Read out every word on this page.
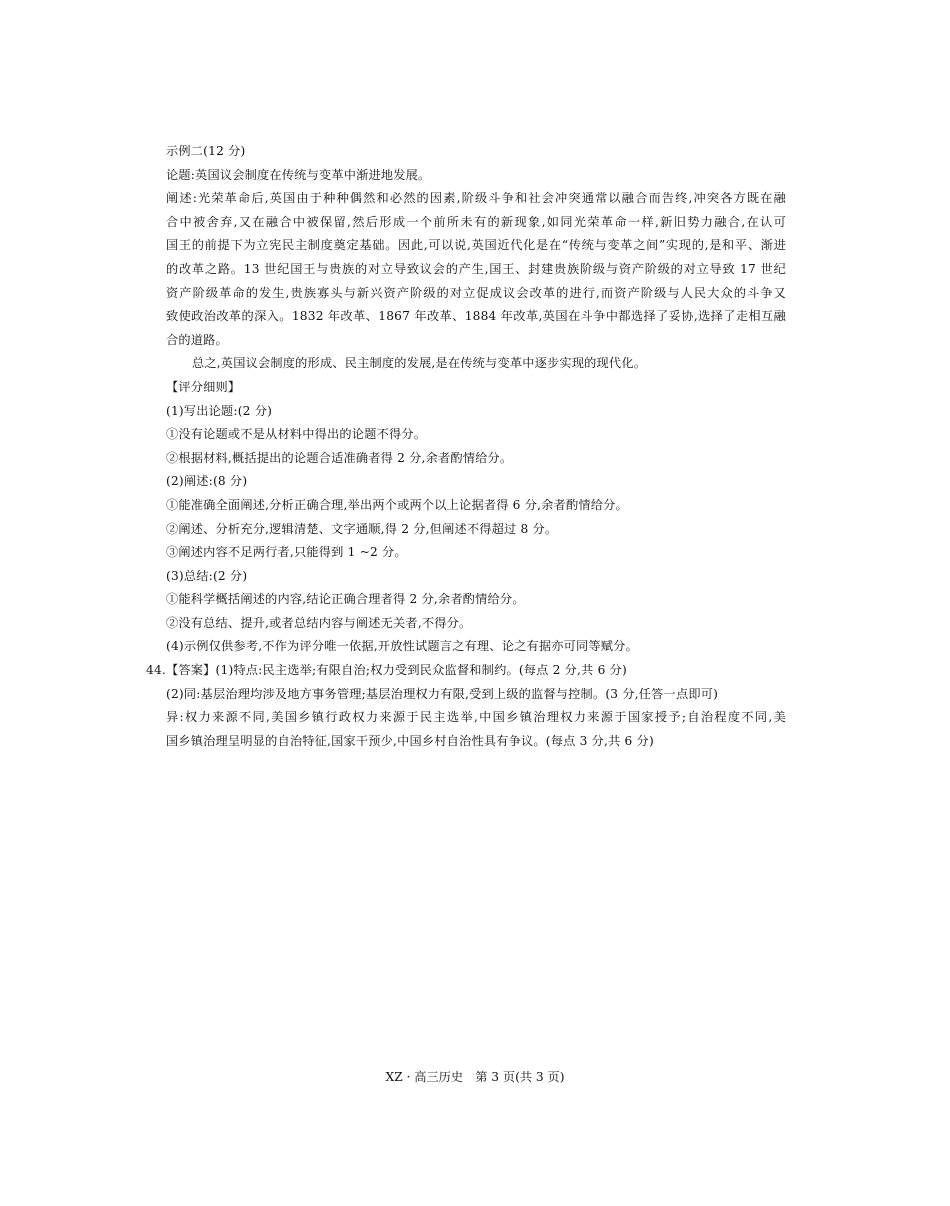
示例二(12 分)
论题:英国议会制度在传统与变革中渐进地发展。
阐述:光荣革命后,英国由于种种偶然和必然的因素,阶级斗争和社会冲突通常以融合而告终,冲突各方既在融
合中被舍弃,又在融合中被保留,然后形成一个前所未有的新现象,如同光荣革命一样,新旧势力融合,在认可
国王的前提下为立宪民主制度奠定基础。因此,可以说,英国近代化是在“传统与变革之间”实现的,是和平、渐进
的改革之路。13 世纪国王与贵族的对立导致议会的产生,国王、封建贵族阶级与资产阶级的对立导致 17 世纪
资产阶级革命的发生,贵族寡头与新兴资产阶级的对立促成议会改革的进行,而资产阶级与人民大众的斗争又
致使政治改革的深入。1832 年改革、1867 年改革、1884 年改革,英国在斗争中都选择了妥协,选择了走相互融
合的道路。
总之,英国议会制度的形成、民主制度的发展,是在传统与变革中逐步实现的现代化。
【评分细则】
(1)写出论题:(2 分)
①没有论题或不是从材料中得出的论题不得分。
②根据材料,概括提出的论题合适准确者得 2 分,余者酌情给分。
(2)阐述:(8 分)
①能准确全面阐述,分析正确合理,举出两个或两个以上论据者得 6 分,余者酌情给分。
②阐述、分析充分,逻辑清楚、文字通顺,得 2 分,但阐述不得超过 8 分。
③阐述内容不足两行者,只能得到 1 ~2 分。
(3)总结:(2 分)
①能科学概括阐述的内容,结论正确合理者得 2 分,余者酌情给分。
②没有总结、提升,或者总结内容与阐述无关者,不得分。
(4)示例仅供参考,不作为评分唯一依据,开放性试题言之有理、论之有据亦可同等赋分。
44.【答案】(1)特点:民主选举;有限自治;权力受到民众监督和制约。(每点 2 分,共 6 分)
(2)同:基层治理均涉及地方事务管理;基层治理权力有限,受到上级的监督与控制。(3 分,任答一点即可)
异:权力来源不同,美国乡镇行政权力来源于民主选举,中国乡镇治理权力来源于国家授予;自治程度不同,美
国乡镇治理呈明显的自治特征,国家干预少,中国乡村自治性具有争议。(每点 3 分,共 6 分)
XZ · 高三历史　第 3 页(共 3 页)
